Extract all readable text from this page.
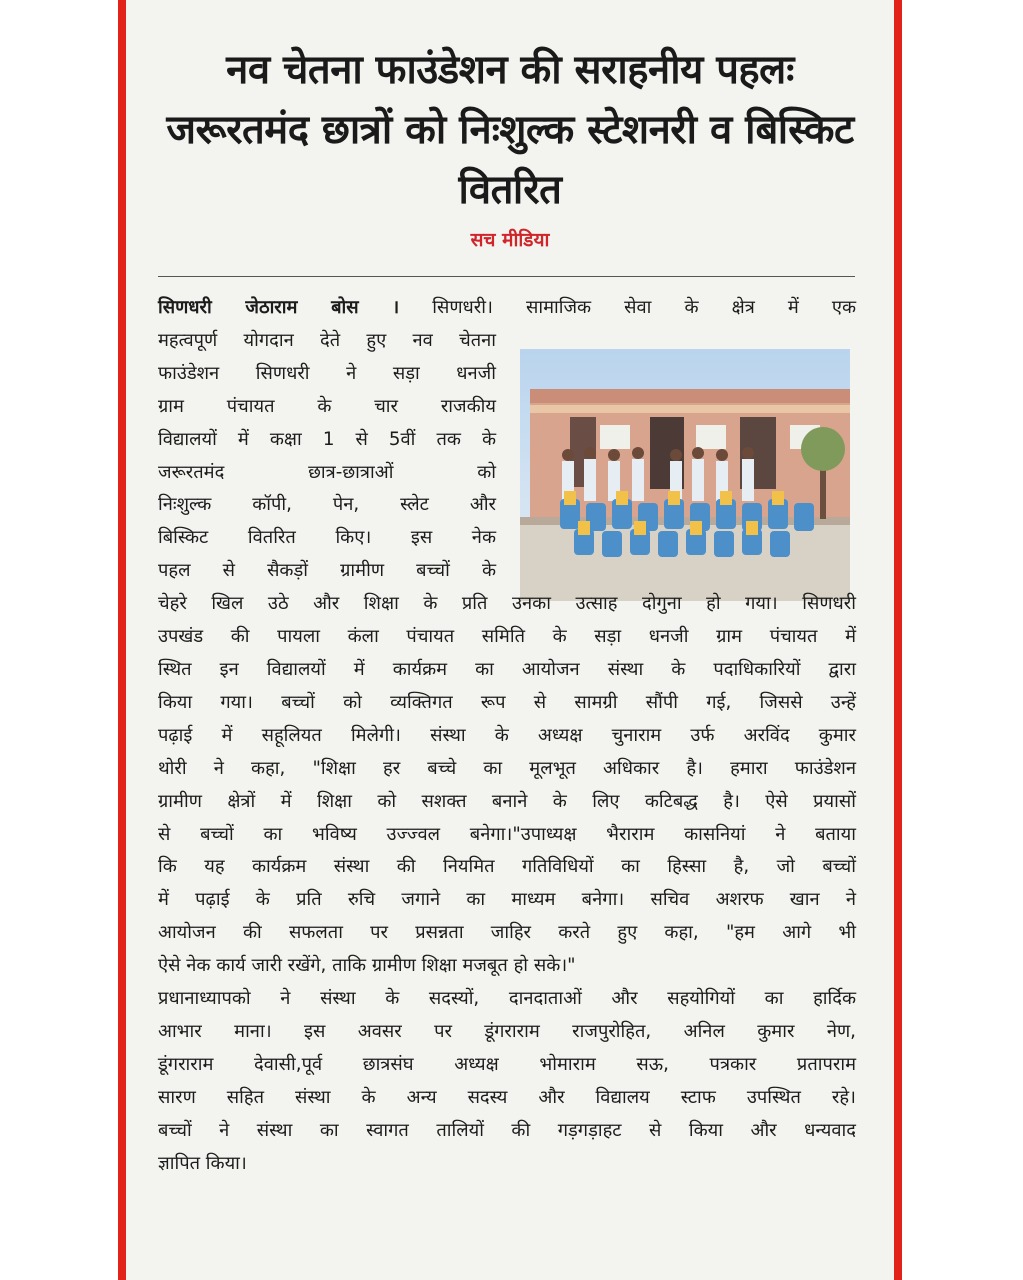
नव चेतना फाउंडेशन की सराहनीय पहलः जरूरतमंद छात्रों को निःशुल्क स्टेशनरी व बिस्किट वितरित
सच मीडिया
सिणधरी जेठाराम बोस । सिणधरी। सामाजिक सेवा के क्षेत्र में एक
महत्वपूर्ण योगदान देते हुए नव चेतना
फाउंडेशन सिणधरी ने सड़ा धनजी
ग्राम पंचायत के चार राजकीय
विद्यालयों में कक्षा 1 से 5वीं तक के
जरूरतमंद छात्र-छात्राओं को
निःशुल्क कॉपी, पेन, स्लेट और
बिस्किट वितरित किए। इस नेक
पहल से सैकड़ों ग्रामीण बच्चों के
चेहरे खिल उठे और शिक्षा के प्रति उनका उत्साह दोगुना हो गया। सिणधरी
उपखंड की पायला कंला पंचायत समिति के सड़ा धनजी ग्राम पंचायत में
स्थित इन विद्यालयों में कार्यक्रम का आयोजन संस्था के पदाधिकारियों द्वारा
किया गया। बच्चों को व्यक्तिगत रूप से सामग्री सौंपी गई, जिससे उन्हें
पढ़ाई में सहूलियत मिलेगी। संस्था के अध्यक्ष चुनाराम उर्फ अरविंद कुमार
थोरी ने कहा, "शिक्षा हर बच्चे का मूलभूत अधिकार है। हमारा फाउंडेशन
ग्रामीण क्षेत्रों में शिक्षा को सशक्त बनाने के लिए कटिबद्ध है। ऐसे प्रयासों
से बच्चों का भविष्य उज्ज्वल बनेगा।"उपाध्यक्ष भैराराम कासनियां ने बताया
कि यह कार्यक्रम संस्था की नियमित गतिविधियों का हिस्सा है, जो बच्चों
में पढ़ाई के प्रति रुचि जगाने का माध्यम बनेगा। सचिव अशरफ खान ने
आयोजन की सफलता पर प्रसन्नता जाहिर करते हुए कहा, "हम आगे भी
ऐसे नेक कार्य जारी रखेंगे, ताकि ग्रामीण शिक्षा मजबूत हो सके।"
प्रधानाध्यापको ने संस्था के सदस्यों, दानदाताओं और सहयोगियों का हार्दिक
आभार माना। इस अवसर पर डूंगराराम राजपुरोहित, अनिल कुमार नेण,
डूंगराराम देवासी,पूर्व छात्रसंघ अध्यक्ष भोमाराम सऊ, पत्रकार प्रतापराम
सारण सहित संस्था के अन्य सदस्य और विद्यालय स्टाफ उपस्थित रहे।
बच्चों ने संस्था का स्वागत तालियों की गड़गड़ाहट से किया और धन्यवाद
ज्ञापित किया।
